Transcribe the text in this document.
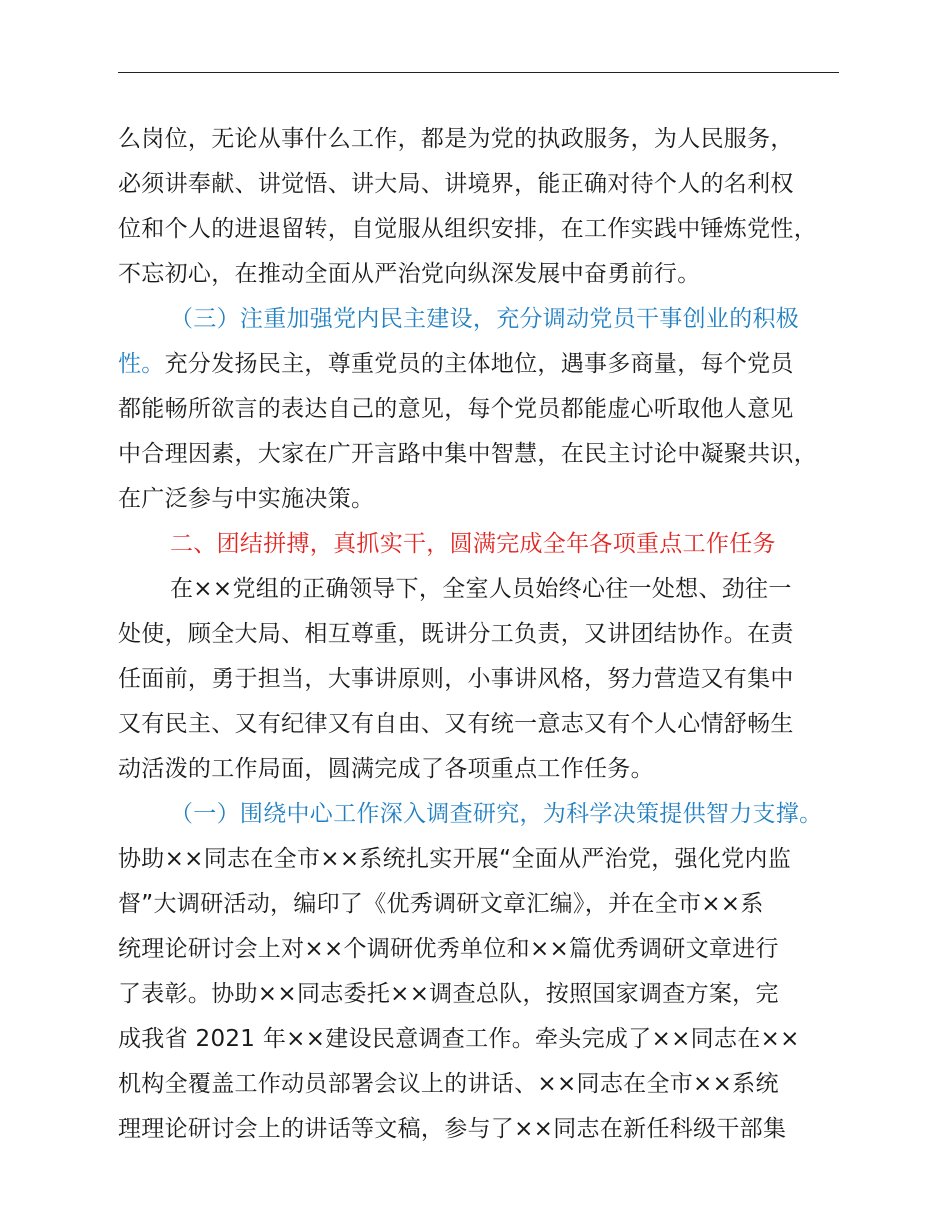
么岗位，无论从事什么工作，都是为党的执政服务，为人民服务，
必须讲奉献、讲觉悟、讲大局、讲境界，能正确对待个人的名利权
位和个人的进退留转，自觉服从组织安排，在工作实践中锤炼党性，
不忘初心，在推动全面从严治党向纵深发展中奋勇前行。
（三）注重加强党内民主建设，充分调动党员干事创业的积极
性。充分发扬民主，尊重党员的主体地位，遇事多商量，每个党员
都能畅所欲言的表达自己的意见，每个党员都能虚心听取他人意见
中合理因素，大家在广开言路中集中智慧，在民主讨论中凝聚共识，
在广泛参与中实施决策。
二、团结拼搏，真抓实干，圆满完成全年各项重点工作任务
在××党组的正确领导下，全室人员始终心往一处想、劲往一
处使，顾全大局、相互尊重，既讲分工负责，又讲团结协作。在责
任面前，勇于担当，大事讲原则，小事讲风格，努力营造又有集中
又有民主、又有纪律又有自由、又有统一意志又有个人心情舒畅生
动活泼的工作局面，圆满完成了各项重点工作任务。
（一）围绕中心工作深入调查研究，为科学决策提供智力支撑。
协助××同志在全市××系统扎实开展“全面从严治党，强化党内监
督”大调研活动，编印了《优秀调研文章汇编》，并在全市××系
统理论研讨会上对××个调研优秀单位和××篇优秀调研文章进行
了表彰。协助××同志委托××调查总队，按照国家调查方案，完
成我省 2021 年××建设民意调查工作。牵头完成了××同志在××
机构全覆盖工作动员部署会议上的讲话、××同志在全市××系统
理理论研讨会上的讲话等文稿，参与了××同志在新任科级干部集
